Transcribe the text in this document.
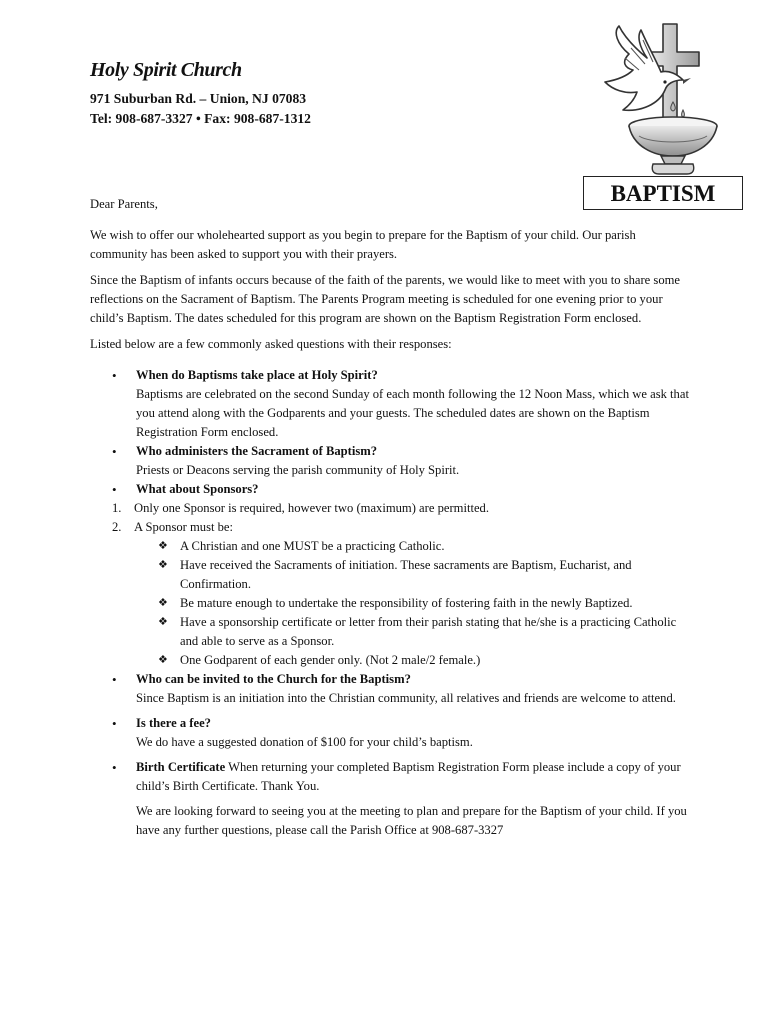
Holy Spirit Church
971 Suburban Rd. – Union, NJ 07083
Tel: 908-687-3327 • Fax: 908-687-1312
BAPTISM

Dear Parents,

We wish to offer our wholehearted support as you begin to prepare for the Baptism of your child. Our parish community has been asked to support you with their prayers.

Since the Baptism of infants occurs because of the faith of the parents, we would like to meet with you to share some reflections on the Sacrament of Baptism. The Parents Program meeting is scheduled for one evening prior to your child’s Baptism. The dates scheduled for this program are shown on the Baptism Registration Form enclosed.

Listed below are a few commonly asked questions with their responses:

• When do Baptisms take place at Holy Spirit?
Baptisms are celebrated on the second Sunday of each month following the 12 Noon Mass, which we ask that you attend along with the Godparents and your guests. The scheduled dates are shown on the Baptism Registration Form enclosed.
• Who administers the Sacrament of Baptism?
Priests or Deacons serving the parish community of Holy Spirit.
• What about Sponsors?
1. Only one Sponsor is required, however two (maximum) are permitted.
2. A Sponsor must be:
❖ A Christian and one MUST be a practicing Catholic.
❖ Have received the Sacraments of initiation. These sacraments are Baptism, Eucharist, and Confirmation.
❖ Be mature enough to undertake the responsibility of fostering faith in the newly Baptized.
❖ Have a sponsorship certificate or letter from their parish stating that he/she is a practicing Catholic and able to serve as a Sponsor.
❖ One Godparent of each gender only. (Not 2 male/2 female.)
• Who can be invited to the Church for the Baptism?
Since Baptism is an initiation into the Christian community, all relatives and friends are welcome to attend.
• Is there a fee?
We do have a suggested donation of $100 for your child’s baptism.
• Birth Certificate When returning your completed Baptism Registration Form please include a copy of your child’s Birth Certificate. Thank You.
We are looking forward to seeing you at the meeting to plan and prepare for the Baptism of your child. If you have any further questions, please call the Parish Office at 908-687-3327
